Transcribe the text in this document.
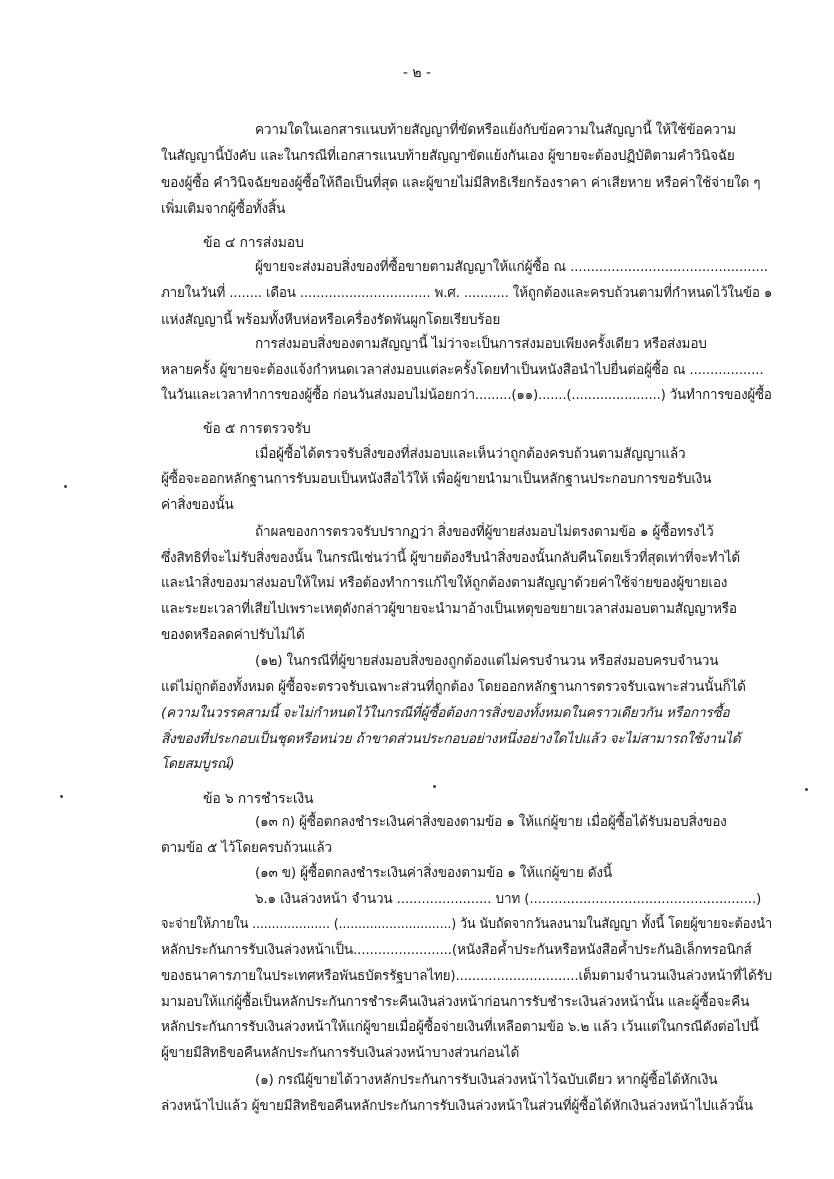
- ๒ -
ความใดในเอกสารแนบท้ายสัญญาที่ขัดหรือแย้งกับข้อความในสัญญานี้ ให้ใช้ข้อความ
ในสัญญานี้บังคับ และในกรณีที่เอกสารแนบท้ายสัญญาขัดแย้งกันเอง ผู้ขายจะต้องปฏิบัติตามคำวินิจฉัย
ของผู้ซื้อ คำวินิจฉัยของผู้ซื้อให้ถือเป็นที่สุด และผู้ขายไม่มีสิทธิเรียกร้องราคา ค่าเสียหาย หรือค่าใช้จ่ายใด ๆ
เพิ่มเติมจากผู้ซื้อทั้งสิ้น
ข้อ ๔ การส่งมอบ
ผู้ขายจะส่งมอบสิ่งของที่ซื้อขายตามสัญญาให้แก่ผู้ซื้อ ณ ................................................
ภายในวันที่ ........ เดือน ................................ พ.ศ. ........... ให้ถูกต้องและครบถ้วนตามที่กำหนดไว้ในข้อ ๑
แห่งสัญญานี้ พร้อมทั้งหีบห่อหรือเครื่องรัดพันผูกโดยเรียบร้อย
การส่งมอบสิ่งของตามสัญญานี้ ไม่ว่าจะเป็นการส่งมอบเพียงครั้งเดียว หรือส่งมอบ
หลายครั้ง ผู้ขายจะต้องแจ้งกำหนดเวลาส่งมอบแต่ละครั้งโดยทำเป็นหนังสือนำไปยื่นต่อผู้ซื้อ ณ ..................
ในวันและเวลาทำการของผู้ซื้อ ก่อนวันส่งมอบไม่น้อยกว่า.........(๑๑).......(......................) วันทำการของผู้ซื้อ
ข้อ ๕ การตรวจรับ
เมื่อผู้ซื้อได้ตรวจรับสิ่งของที่ส่งมอบและเห็นว่าถูกต้องครบถ้วนตามสัญญาแล้ว
ผู้ซื้อจะออกหลักฐานการรับมอบเป็นหนังสือไว้ให้ เพื่อผู้ขายนำมาเป็นหลักฐานประกอบการขอรับเงิน
ค่าสิ่งของนั้น
ถ้าผลของการตรวจรับปรากฏว่า สิ่งของที่ผู้ขายส่งมอบไม่ตรงตามข้อ ๑ ผู้ซื้อทรงไว้
ซึ่งสิทธิที่จะไม่รับสิ่งของนั้น ในกรณีเช่นว่านี้ ผู้ขายต้องรีบนำสิ่งของนั้นกลับคืนโดยเร็วที่สุดเท่าที่จะทำได้
และนำสิ่งของมาส่งมอบให้ใหม่ หรือต้องทำการแก้ไขให้ถูกต้องตามสัญญาด้วยค่าใช้จ่ายของผู้ขายเอง
และระยะเวลาที่เสียไปเพราะเหตุดังกล่าวผู้ขายจะนำมาอ้างเป็นเหตุขอขยายเวลาส่งมอบตามสัญญาหรือ
ของดหรือลดค่าปรับไม่ได้
(๑๒) ในกรณีที่ผู้ขายส่งมอบสิ่งของถูกต้องแต่ไม่ครบจำนวน หรือส่งมอบครบจำนวน
แต่ไม่ถูกต้องทั้งหมด ผู้ซื้อจะตรวจรับเฉพาะส่วนที่ถูกต้อง โดยออกหลักฐานการตรวจรับเฉพาะส่วนนั้นก็ได้
(ความในวรรคสามนี้ จะไม่กำหนดไว้ในกรณีที่ผู้ซื้อต้องการสิ่งของทั้งหมดในคราวเดียวกัน หรือการซื้อ
สิ่งของที่ประกอบเป็นชุดหรือหน่วย ถ้าขาดส่วนประกอบอย่างหนึ่งอย่างใดไปแล้ว จะไม่สามารถใช้งานได้
โดยสมบูรณ์)
ข้อ ๖ การชำระเงิน
(๑๓ ก) ผู้ซื้อตกลงชำระเงินค่าสิ่งของตามข้อ ๑ ให้แก่ผู้ขาย เมื่อผู้ซื้อได้รับมอบสิ่งของ
ตามข้อ ๕ ไว้โดยครบถ้วนแล้ว
(๑๓ ข) ผู้ซื้อตกลงชำระเงินค่าสิ่งของตามข้อ ๑ ให้แก่ผู้ขาย ดังนี้
๖.๑ เงินล่วงหน้า จำนวน ....................... บาท (.......................................................)
จะจ่ายให้ภายใน .................... (.............................) วัน นับถัดจากวันลงนามในสัญญา ทั้งนี้ โดยผู้ขายจะต้องนำ
หลักประกันการรับเงินล่วงหน้าเป็น........................(หนังสือค้ำประกันหรือหนังสือค้ำประกันอิเล็กทรอนิกส์
ของธนาคารภายในประเทศหรือพันธบัตรรัฐบาลไทย)..............................เต็มตามจำนวนเงินล่วงหน้าที่ได้รับ
มามอบให้แก่ผู้ซื้อเป็นหลักประกันการชำระคืนเงินล่วงหน้าก่อนการรับชำระเงินล่วงหน้านั้น และผู้ซื้อจะคืน
หลักประกันการรับเงินล่วงหน้าให้แก่ผู้ขายเมื่อผู้ซื้อจ่ายเงินที่เหลือตามข้อ ๖.๒ แล้ว เว้นแต่ในกรณีดังต่อไปนี้
ผู้ขายมีสิทธิขอคืนหลักประกันการรับเงินล่วงหน้าบางส่วนก่อนได้
(๑) กรณีผู้ขายได้วางหลักประกันการรับเงินล่วงหน้าไว้ฉบับเดียว หากผู้ซื้อได้หักเงิน
ล่วงหน้าไปแล้ว ผู้ขายมีสิทธิขอคืนหลักประกันการรับเงินล่วงหน้าในส่วนที่ผู้ซื้อได้หักเงินล่วงหน้าไปแล้วนั้น
